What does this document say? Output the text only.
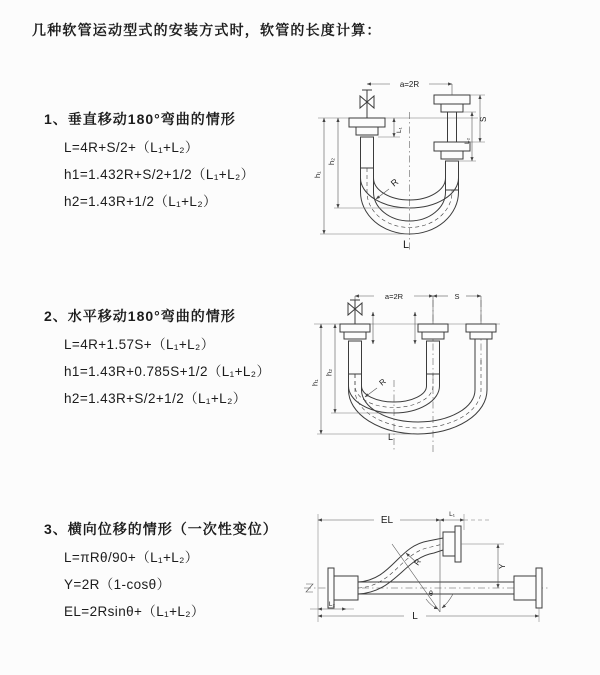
几种软管运动型式的安装方式时，软管的长度计算：
1、垂直移动180°弯曲的情形
L=4R+S/2+（L₁+L₂）
h1=1.432R+S/2+1/2（L₁+L₂）
h2=1.43R+1/2（L₁+L₂）
2、水平移动180°弯曲的情形
L=4R+1.57S+（L₁+L₂）
h1=1.43R+0.785S+1/2（L₁+L₂）
h2=1.43R+S/2+1/2（L₁+L₂）
3、横向位移的情形（一次性变位）
L=πRθ/90+（L₁+L₂）
Y=2R（1-cosθ）
EL=2Rsinθ+（L₁+L₂）
a=2R
h₁
h₂
S
L₂
L₁
R
L
a=2R	S
h₁
h₂
R
L
θ
R
EL
L₁
Y
L₂
L
